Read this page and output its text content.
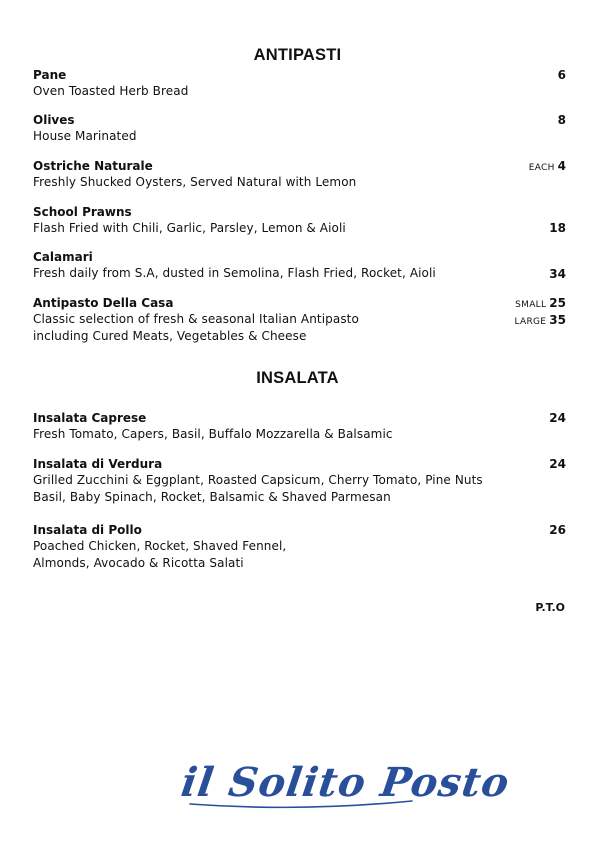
ANTIPASTI
Pane
Oven Toasted Herb Bread
6
Olives
House Marinated
8
Ostriche Naturale
Freshly Shucked Oysters, Served Natural with Lemon
EACH 4
School Prawns
Flash Fried with Chili, Garlic, Parsley, Lemon & Aioli	18
Calamari
Fresh daily from S.A, dusted in Semolina, Flash Fried, Rocket, Aioli	34
Antipasto Della Casa
Classic selection of fresh & seasonal Italian Antipasto
including Cured Meats, Vegetables & Cheese
SMALL 25
LARGE 35
INSALATA
Insalata Caprese
Fresh Tomato, Capers, Basil, Buffalo Mozzarella & Balsamic
24
Insalata di Verdura
Grilled Zucchini & Eggplant, Roasted Capsicum, Cherry Tomato, Pine Nuts
Basil, Baby Spinach, Rocket, Balsamic & Shaved Parmesan
24
Insalata di Pollo
Poached Chicken, Rocket, Shaved Fennel,
Almonds, Avocado & Ricotta Salati
26
P.T.O
il Solito Posto
